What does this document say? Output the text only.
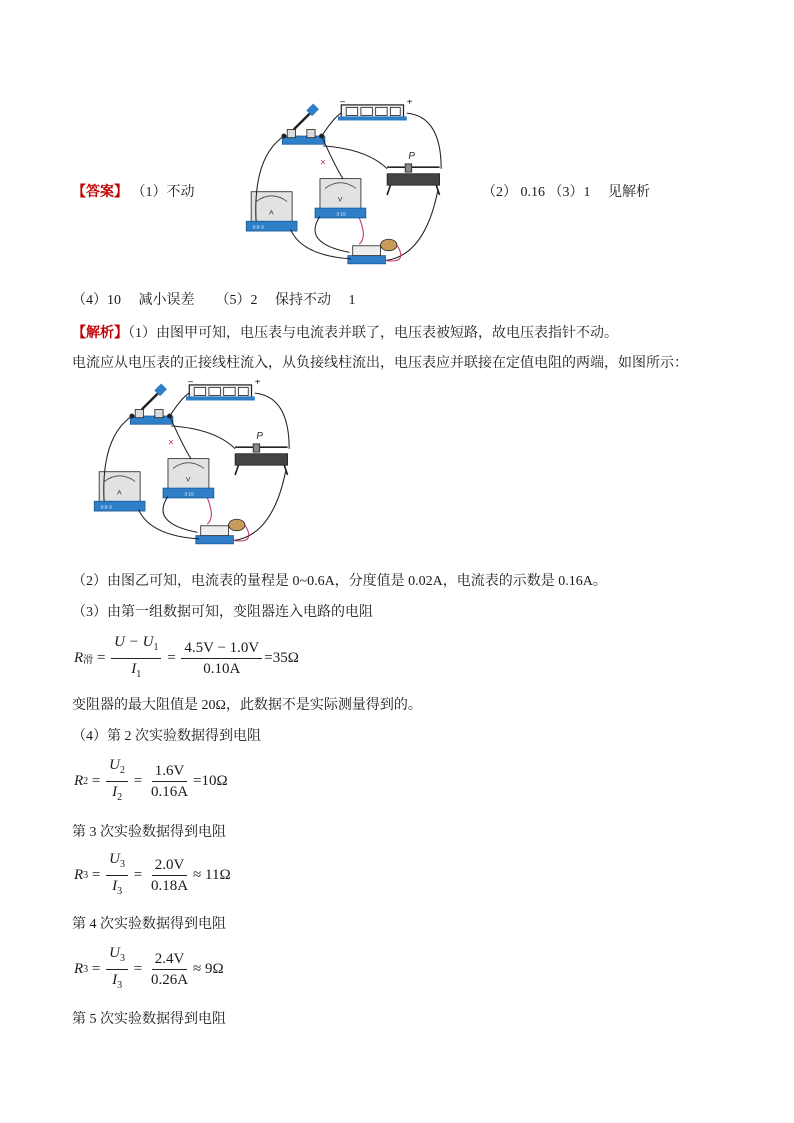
【答案】 （1）不动	（2） 0.16 （3）1　 见解析
（4）10　 减小误差　　（5）2　 保持不动　 1
【解析】（1）由图甲可知，电压表与电流表并联了，电压表被短路，故电压表指针不动。
电流应从电压表的正接线柱流入，从负接线柱流出，电压表应并联接在定值电阻的两端，如图所示：
（2）由图乙可知，电流表的量程是 0~0.6A，分度值是 0.02A，电流表的示数是 0.16A。
（3）由第一组数据可知，变阻器连入电路的电阻
R 滑 = $\frac{U - U_1}{I_1} = \frac{4.5V - 1.0V}{0.10A} =35\Omega$
变阻器的最大阻值是 20Ω，此数据不是实际测量得到的。
（4）第 2 次实验数据得到电阻
R $2 = \frac{U_2}{I_2} = \frac{1.6V}{0.16A} =10\Omega$
第 3 次实验数据得到电阻
R $3 = \frac{U_3}{I_3} = \frac{2.0V}{0.18A} \approx 11\Omega$
第 4 次实验数据得到电阻
R $3 = \frac{U_3}{I_3} = \frac{2.4V}{0.26A} \approx 9\Omega$
第 5 次实验数据得到电阻
